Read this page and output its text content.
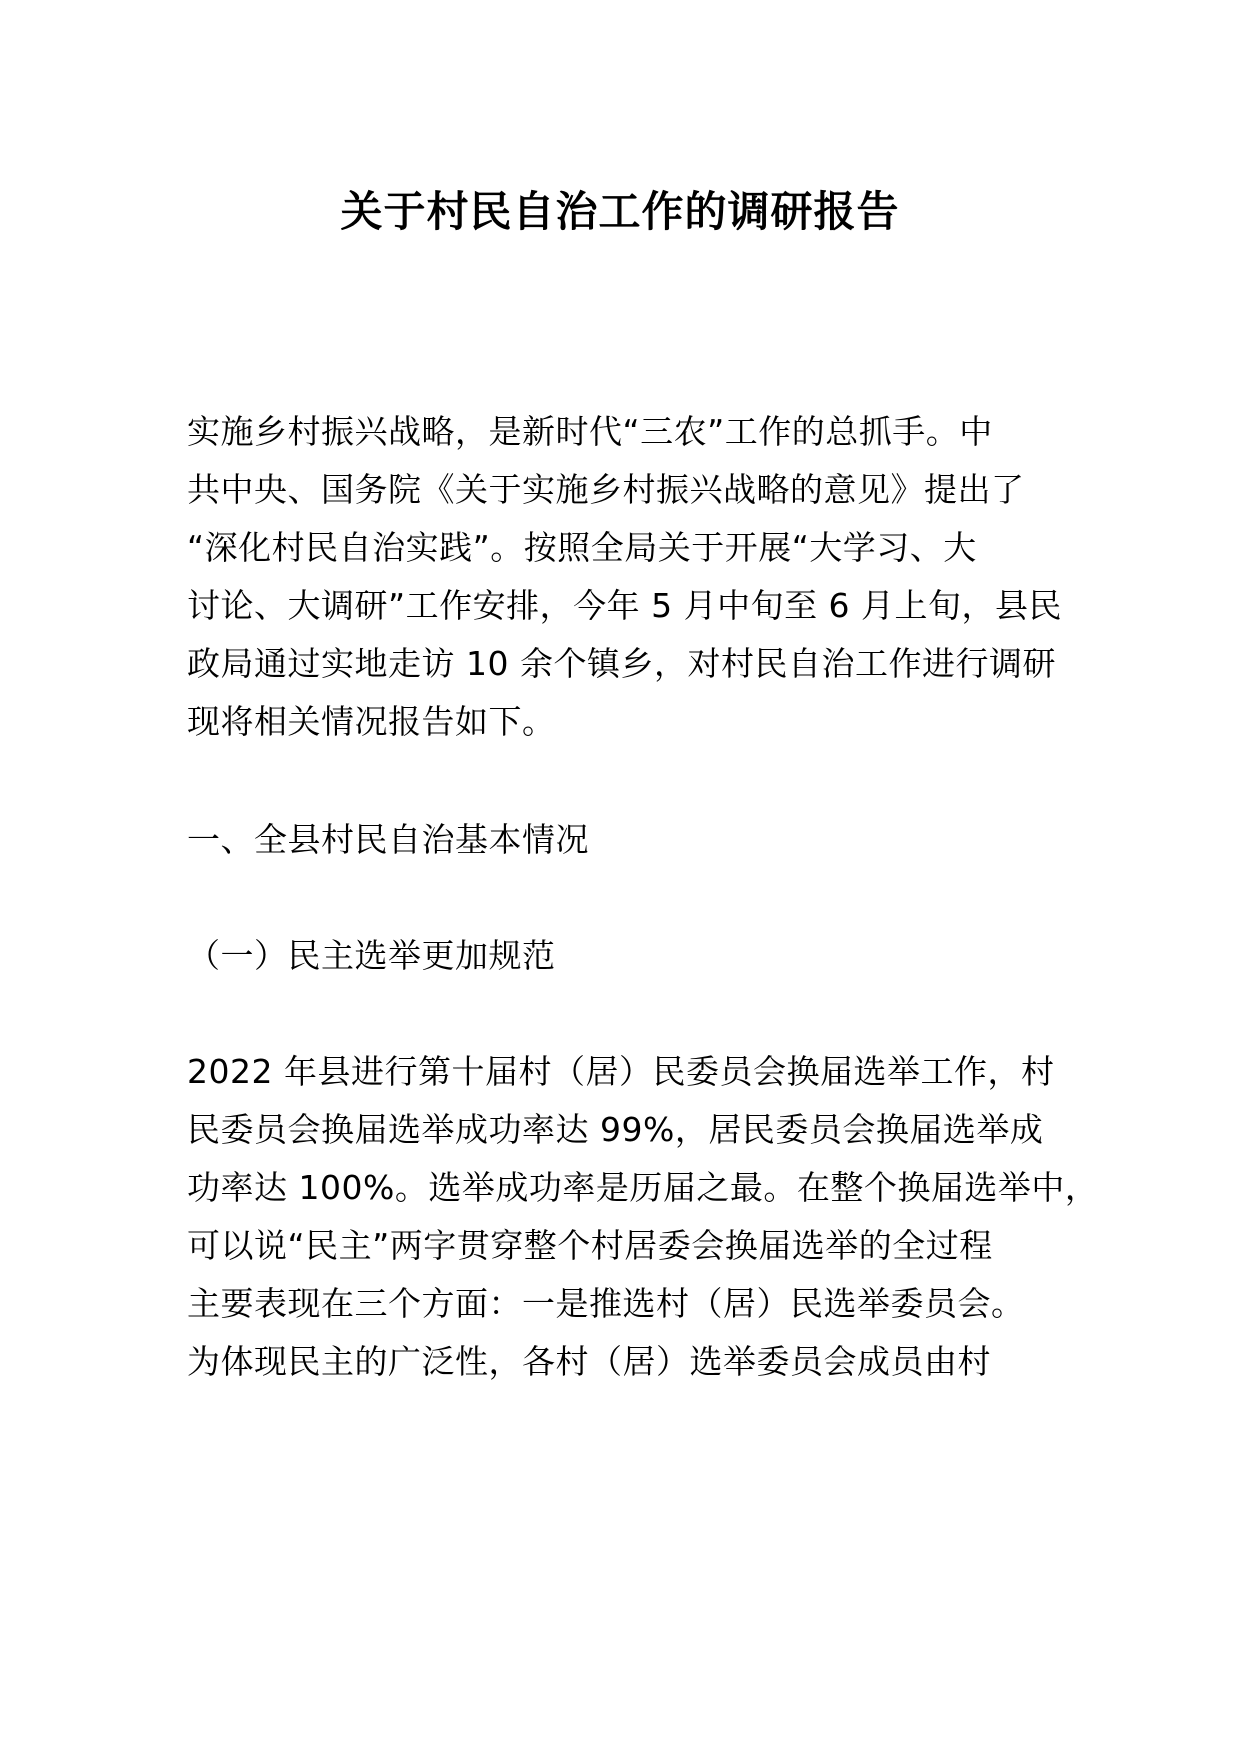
关于村民自治工作的调研报告
实施乡村振兴战略，是新时代“三农”工作的总抓手。中
共中央、国务院《关于实施乡村振兴战略的意见》提出了
“深化村民自治实践”。按照全局关于开展“大学习、大
讨论、大调研”工作安排，今年 5 月中旬至 6 月上旬，县民
政局通过实地走访 10 余个镇乡，对村民自治工作进行调研
现将相关情况报告如下。
一、全县村民自治基本情况
（一）民主选举更加规范
2022 年县进行第十届村（居）民委员会换届选举工作，村
民委员会换届选举成功率达 99%，居民委员会换届选举成
功率达 100%。选举成功率是历届之最。在整个换届选举中，
可以说“民主”两字贯穿整个村居委会换届选举的全过程
主要表现在三个方面：一是推选村（居）民选举委员会。
为体现民主的广泛性，各村（居）选举委员会成员由村
